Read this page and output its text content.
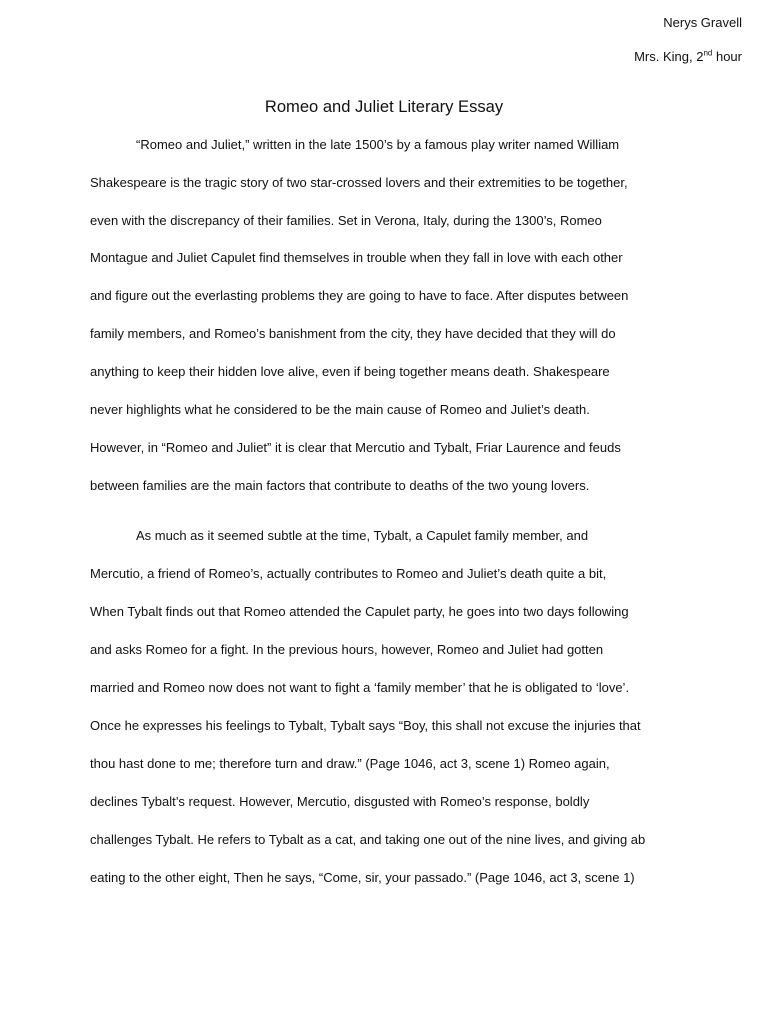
Nerys Gravell
Mrs. King, 2nd hour
Romeo and Juliet Literary Essay
“Romeo and Juliet,” written in the late 1500’s by a famous play writer named William
Shakespeare is the tragic story of two star-crossed lovers and their extremities to be together,
even with the discrepancy of their families. Set in Verona, Italy, during the 1300’s, Romeo
Montague and Juliet Capulet find themselves in trouble when they fall in love with each other
and figure out the everlasting problems they are going to have to face. After disputes between
family members, and Romeo’s banishment from the city, they have decided that they will do
anything to keep their hidden love alive, even if being together means death. Shakespeare
never highlights what he considered to be the main cause of Romeo and Juliet’s death.
However, in “Romeo and Juliet” it is clear that Mercutio and Tybalt, Friar Laurence and feuds
between families are the main factors that contribute to deaths of the two young lovers.
As much as it seemed subtle at the time, Tybalt, a Capulet family member, and
Mercutio, a friend of Romeo’s, actually contributes to Romeo and Juliet’s death quite a bit,
When Tybalt finds out that Romeo attended the Capulet party, he goes into two days following
and asks Romeo for a fight. In the previous hours, however, Romeo and Juliet had gotten
married and Romeo now does not want to fight a ‘family member’ that he is obligated to ‘love’.
Once he expresses his feelings to Tybalt, Tybalt says “Boy, this shall not excuse the injuries that
thou hast done to me; therefore turn and draw.” (Page 1046, act 3, scene 1) Romeo again,
declines Tybalt’s request. However, Mercutio, disgusted with Romeo’s response, boldly
challenges Tybalt. He refers to Tybalt as a cat, and taking one out of the nine lives, and giving ab
eating to the other eight, Then he says, “Come, sir, your passado.” (Page 1046, act 3, scene 1)
